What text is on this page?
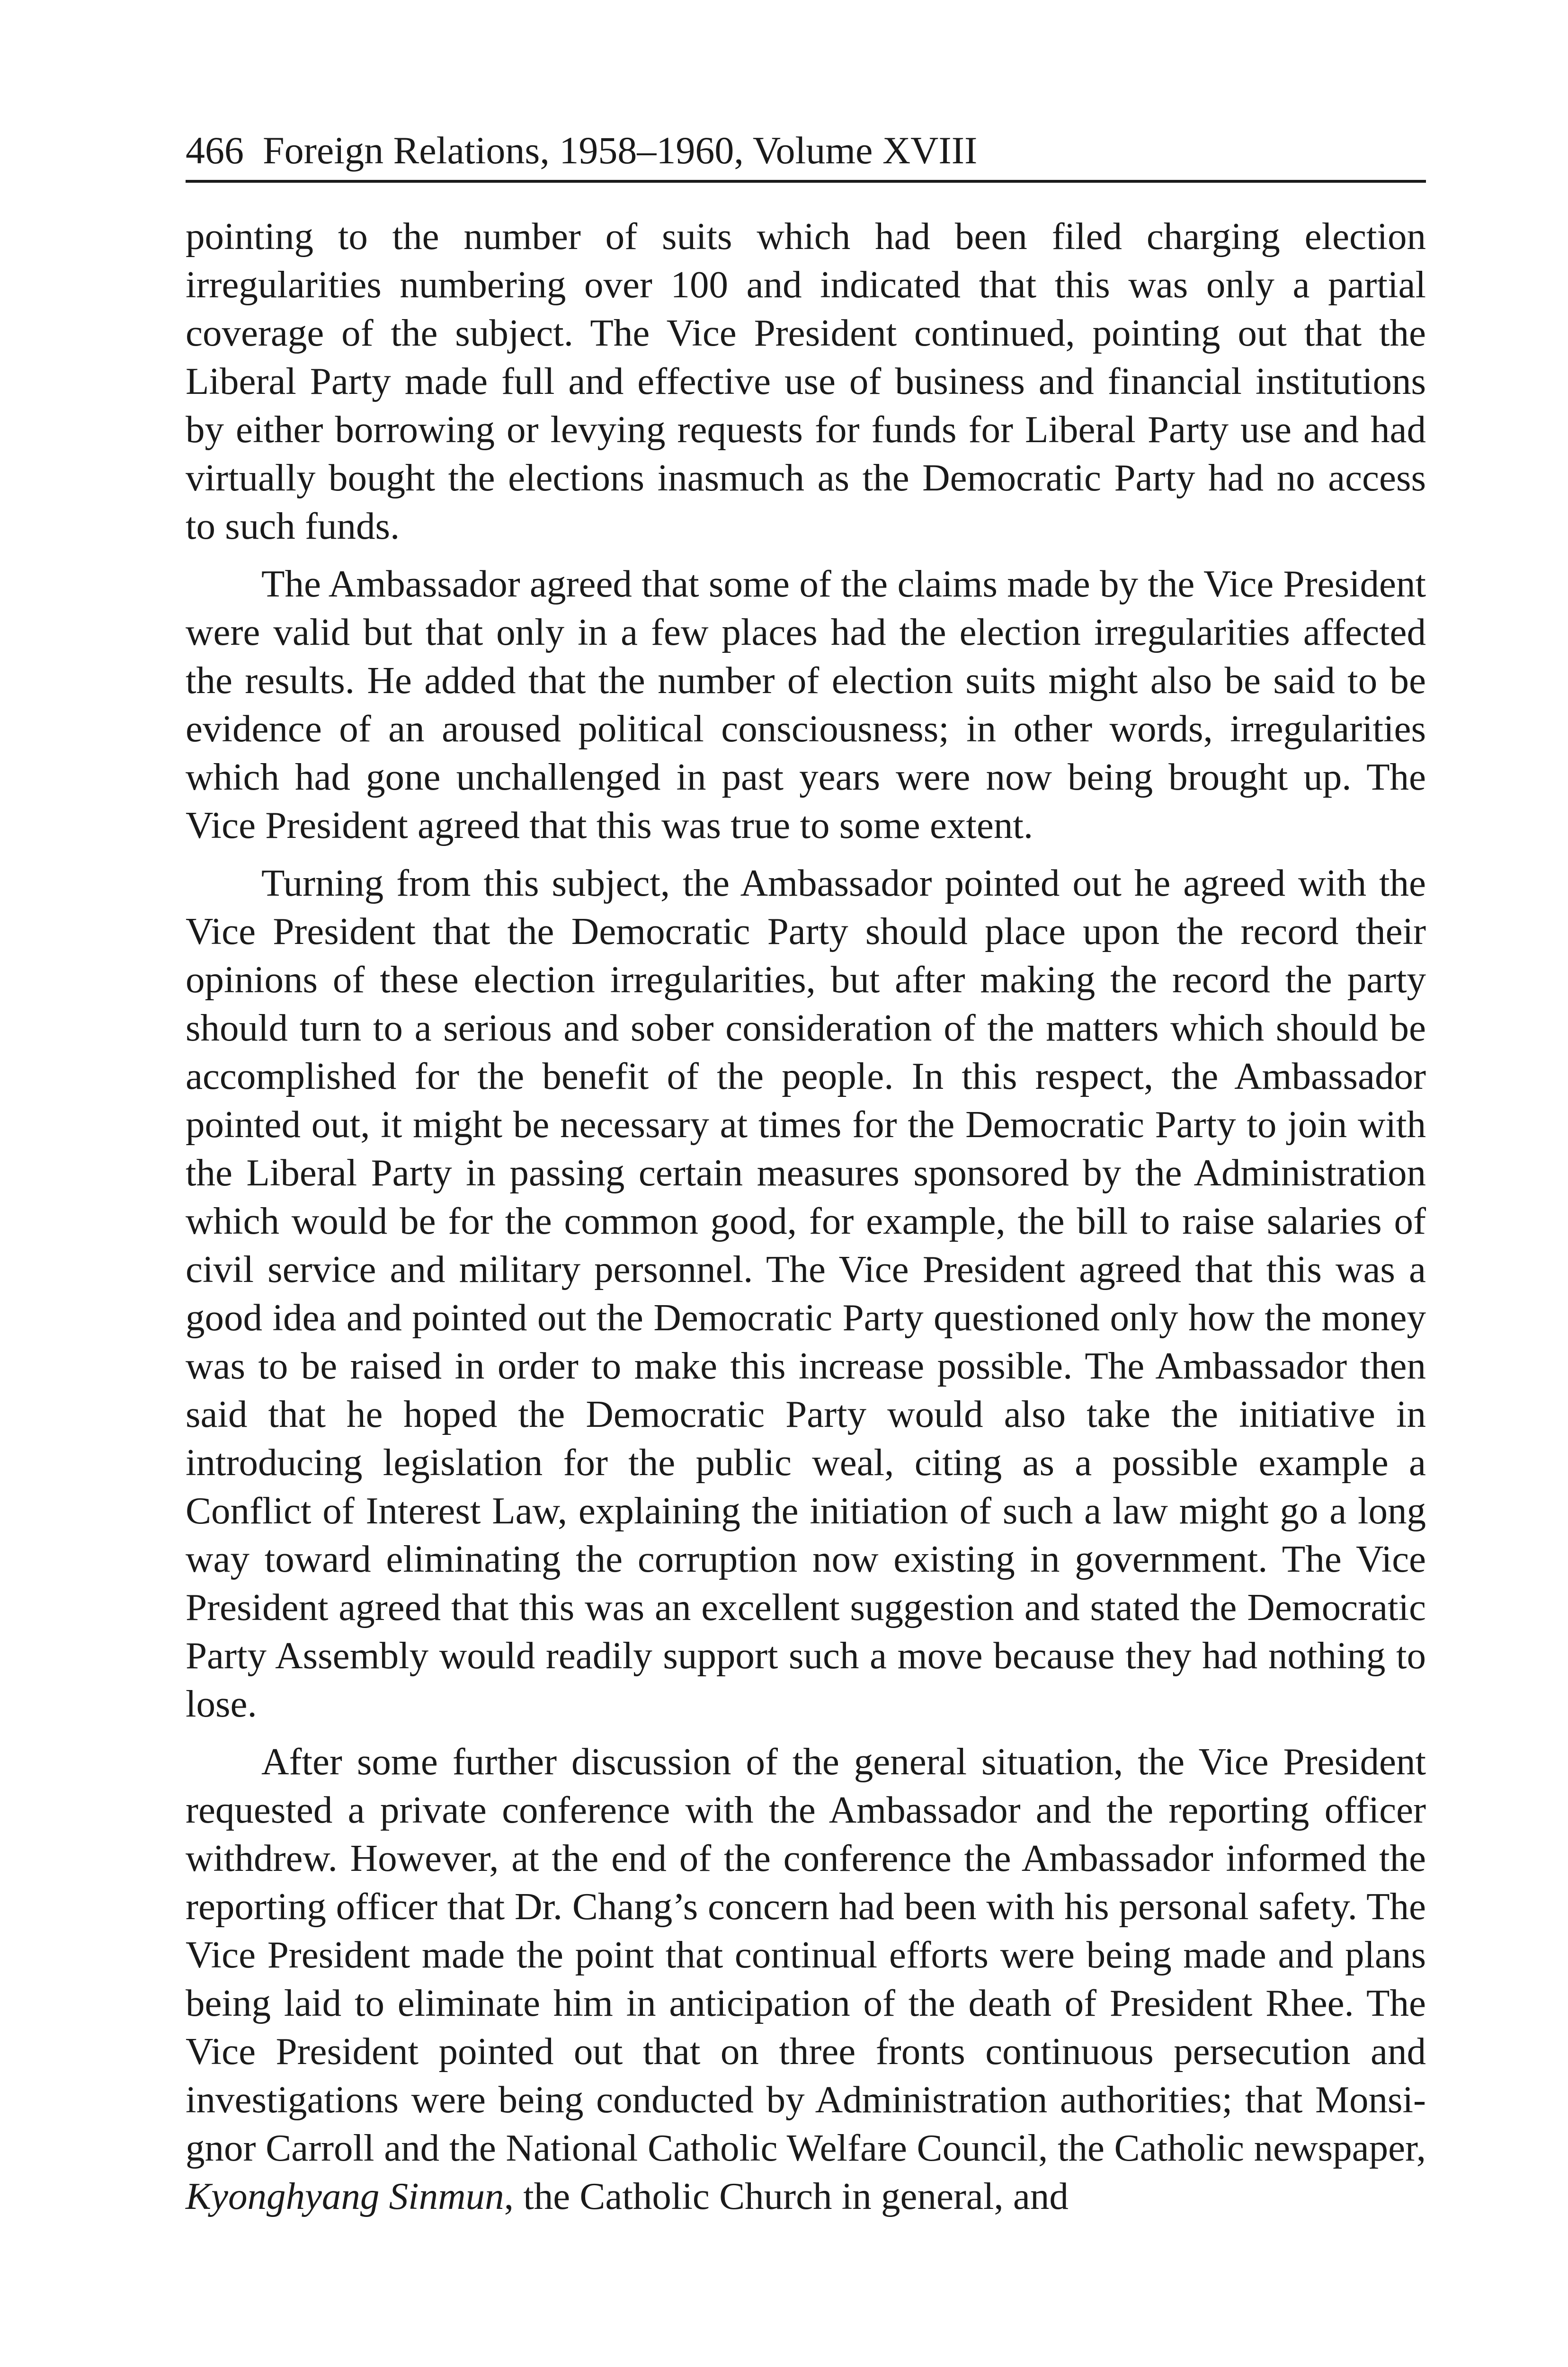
466 Foreign Relations, 1958–1960, Volume XVIII

pointing to the number of suits which had been filed charging election irregularities numbering over 100 and indicated that this was only a partial coverage of the subject. The Vice President continued, pointing out that the Liberal Party made full and effective use of business and financial institutions by either borrowing or levying requests for funds for Liberal Party use and had virtually bought the elections inasmuch as the Democratic Party had no access to such funds.

The Ambassador agreed that some of the claims made by the Vice President were valid but that only in a few places had the election irregularities affected the results. He added that the number of election suits might also be said to be evidence of an aroused political consciousness; in other words, irregularities which had gone unchallenged in past years were now being brought up. The Vice President agreed that this was true to some extent.

Turning from this subject, the Ambassador pointed out he agreed with the Vice President that the Democratic Party should place upon the record their opinions of these election irregularities, but after making the record the party should turn to a serious and sober consideration of the matters which should be accomplished for the benefit of the people. In this respect, the Ambassador pointed out, it might be necessary at times for the Democratic Party to join with the Liberal Party in passing certain measures sponsored by the Administration which would be for the common good, for example, the bill to raise salaries of civil service and military personnel. The Vice President agreed that this was a good idea and pointed out the Democratic Party questioned only how the money was to be raised in order to make this increase possible. The Ambassador then said that he hoped the Democratic Party would also take the initiative in introducing legislation for the public weal, citing as a possible example a Conflict of Interest Law, explaining the initiation of such a law might go a long way toward eliminating the corruption now existing in government. The Vice President agreed that this was an excellent suggestion and stated the Democratic Party Assembly would readily support such a move because they had nothing to lose.

After some further discussion of the general situation, the Vice President requested a private conference with the Ambassador and the reporting officer withdrew. However, at the end of the conference the Ambassador informed the reporting officer that Dr. Chang’s concern had been with his personal safety. The Vice President made the point that continual efforts were being made and plans being laid to eliminate him in anticipation of the death of President Rhee. The Vice President pointed out that on three fronts continuous persecution and investigations were being conducted by Administration authorities; that Monsignor Carroll and the National Catholic Welfare Council, the Catholic newspaper, Kyonghyang Sinmun, the Catholic Church in general, and
